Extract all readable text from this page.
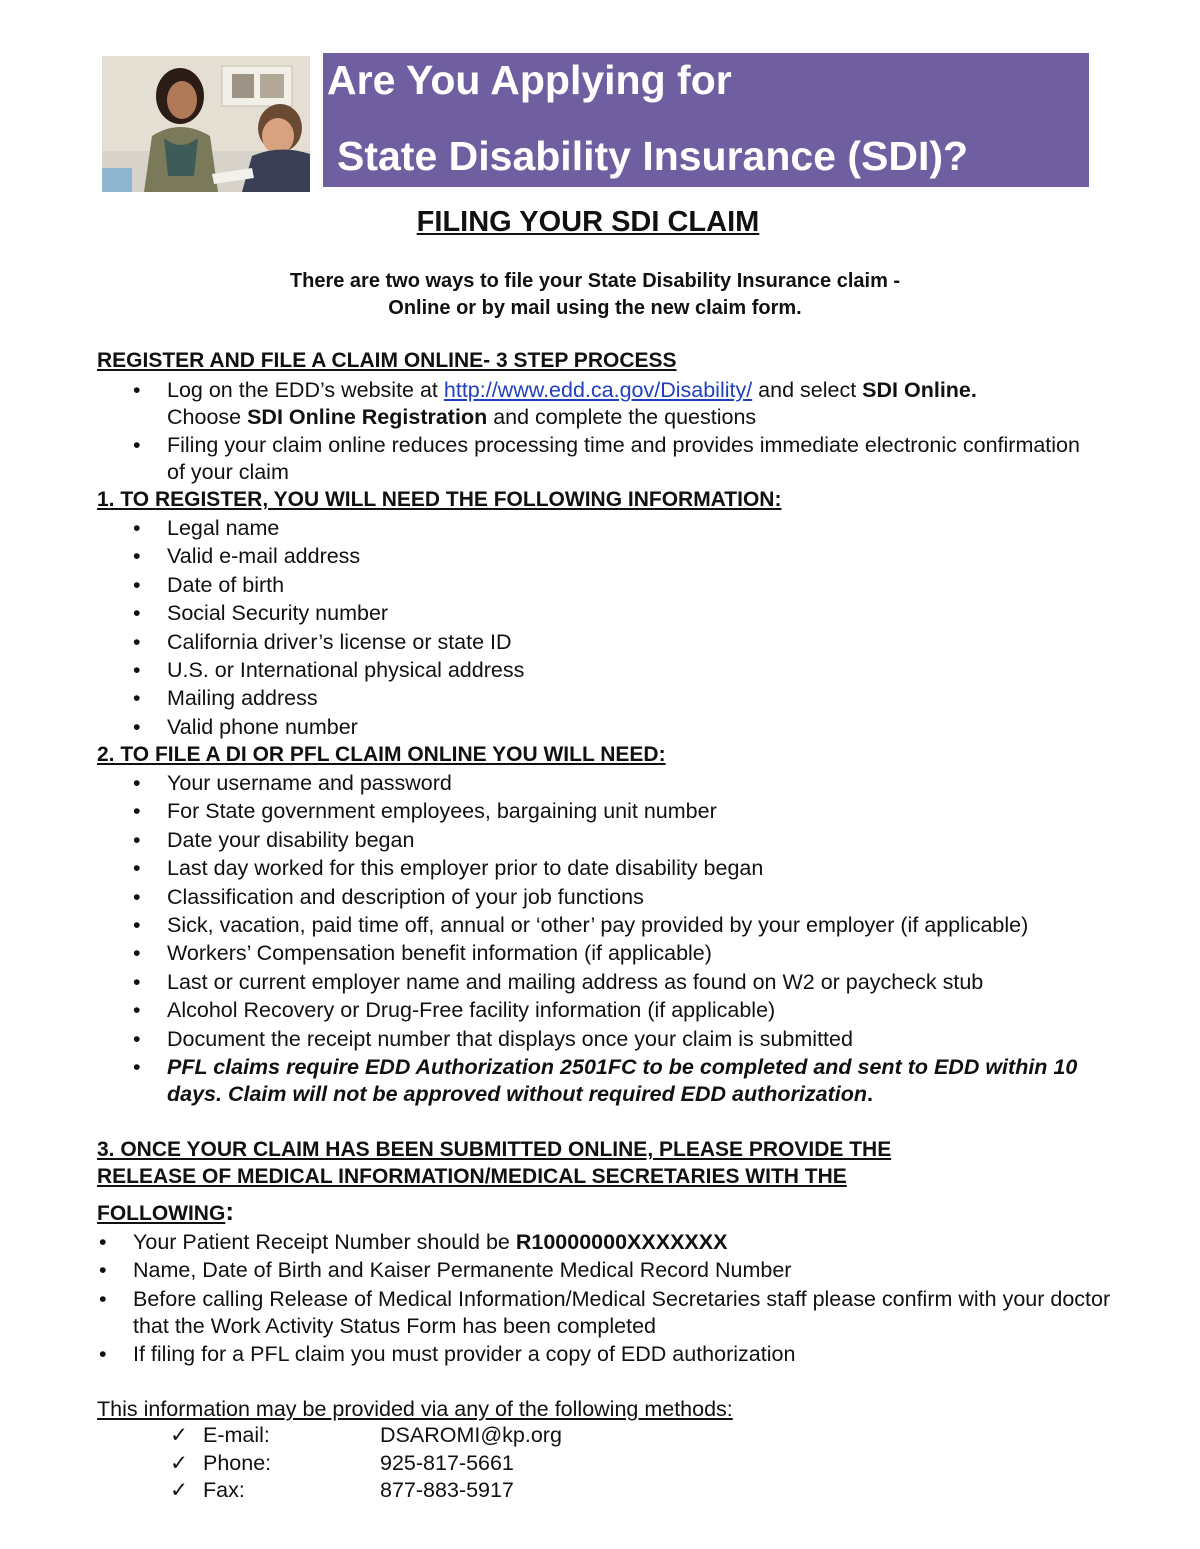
Are You Applying for
State Disability Insurance (SDI)?
FILING YOUR SDI CLAIM
There are two ways to file your State Disability Insurance claim -
Online or by mail using the new claim form.
REGISTER AND FILE A CLAIM ONLINE- 3 STEP PROCESS
• Log on the EDD’s website at http://www.edd.ca.gov/Disability/ and select SDI Online.
Choose SDI Online Registration and complete the questions
• Filing your claim online reduces processing time and provides immediate electronic confirmation of your claim
1. TO REGISTER, YOU WILL NEED THE FOLLOWING INFORMATION:
• Legal name
• Valid e-mail address
• Date of birth
• Social Security number
• California driver’s license or state ID
• U.S. or International physical address
• Mailing address
• Valid phone number
2. TO FILE A DI OR PFL CLAIM ONLINE YOU WILL NEED:
• Your username and password
• For State government employees, bargaining unit number
• Date your disability began
• Last day worked for this employer prior to date disability began
• Classification and description of your job functions
• Sick, vacation, paid time off, annual or ‘other’ pay provided by your employer (if applicable)
• Workers’ Compensation benefit information (if applicable)
• Last or current employer name and mailing address as found on W2 or paycheck stub
• Alcohol Recovery or Drug-Free facility information (if applicable)
• Document the receipt number that displays once your claim is submitted
• PFL claims require EDD Authorization 2501FC to be completed and sent to EDD within 10 days. Claim will not be approved without required EDD authorization.
3. ONCE YOUR CLAIM HAS BEEN SUBMITTED ONLINE, PLEASE PROVIDE THE
RELEASE OF MEDICAL INFORMATION/MEDICAL SECRETARIES WITH THE
FOLLOWING:
• Your Patient Receipt Number should be R10000000XXXXXXX
• Name, Date of Birth and Kaiser Permanente Medical Record Number
• Before calling Release of Medical Information/Medical Secretaries staff please confirm with your doctor that the Work Activity Status Form has been completed
• If filing for a PFL claim you must provider a copy of EDD authorization
This information may be provided via any of the following methods:
✓ E-mail:	DSAROMI@kp.org
✓ Phone:	925-817-5661
✓ Fax:	877-883-5917
